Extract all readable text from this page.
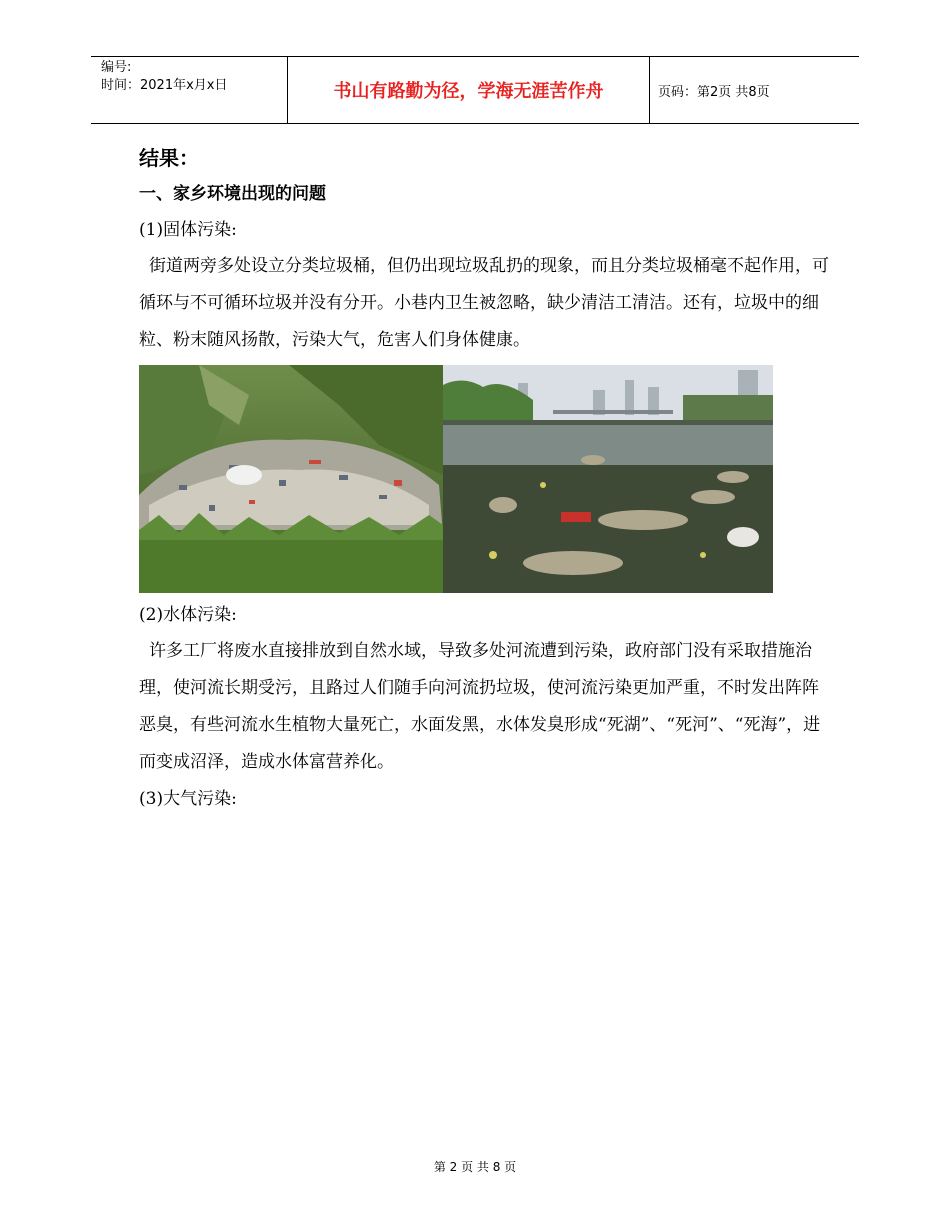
编号:
时间：2021年x月x日	书山有路勤为径，学海无涯苦作舟	页码：第2页 共8页

结果：

一、家乡环境出现的问题

(1)固体污染:

街道两旁多处设立分类垃圾桶，但仍出现垃圾乱扔的现象，而且分类垃圾桶毫不起作用，可循环与不可循环垃圾并没有分开。小巷内卫生被忽略，缺少清洁工清洁。还有，垃圾中的细粒、粉末随风扬散，污染大气，危害人们身体健康。

(2)水体污染:

许多工厂将废水直接排放到自然水域，导致多处河流遭到污染，政府部门没有采取措施治理，使河流长期受污，且路过人们随手向河流扔垃圾，使河流污染更加严重，不时发出阵阵恶臭，有些河流水生植物大量死亡，水面发黑，水体发臭形成“死湖”、“死河”、“死海”，进而变成沼泽，造成水体富营养化。

(3)大气污染:

第 2 页 共 8 页
